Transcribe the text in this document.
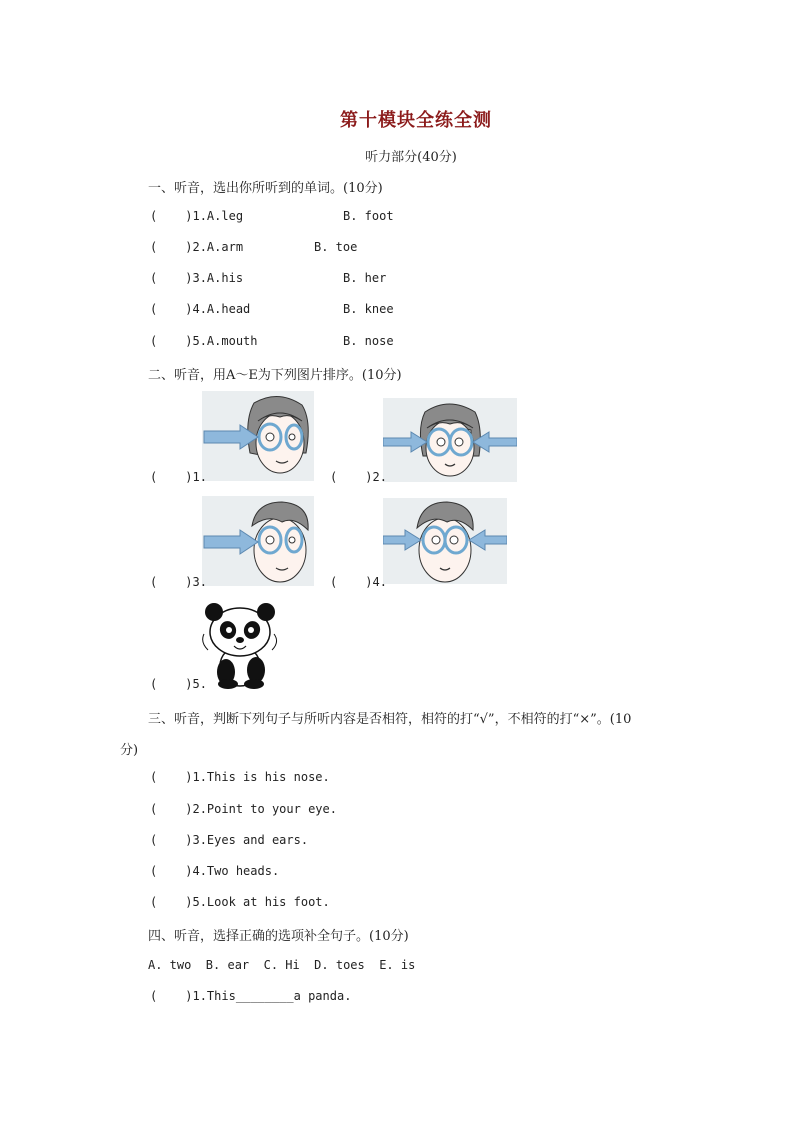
第十模块全练全测
听力部分(40分)
一、听音，选出你所听到的单词。(10分)
( )1.A.leg	B. foot
( )2.A.arm	B. toe
( )3.A.his	B. her
( )4.A.head	B. knee
( )5.A.mouth	B. nose
二、听音，用A～E为下列图片排序。(10分)
( )1.	( )2.
( )3.	( )4.
( )5.
三、听音，判断下列句子与所听内容是否相符，相符的打“√”，不相符的打“×”。(10
分)
( )1.This is his nose.
( )2.Point to your eye.
( )3.Eyes and ears.
( )4.Two heads.
( )5.Look at his foot.
四、听音，选择正确的选项补全句子。(10分)
A. two  B. ear  C. Hi  D. toes  E. is
( )1.This________a panda.
